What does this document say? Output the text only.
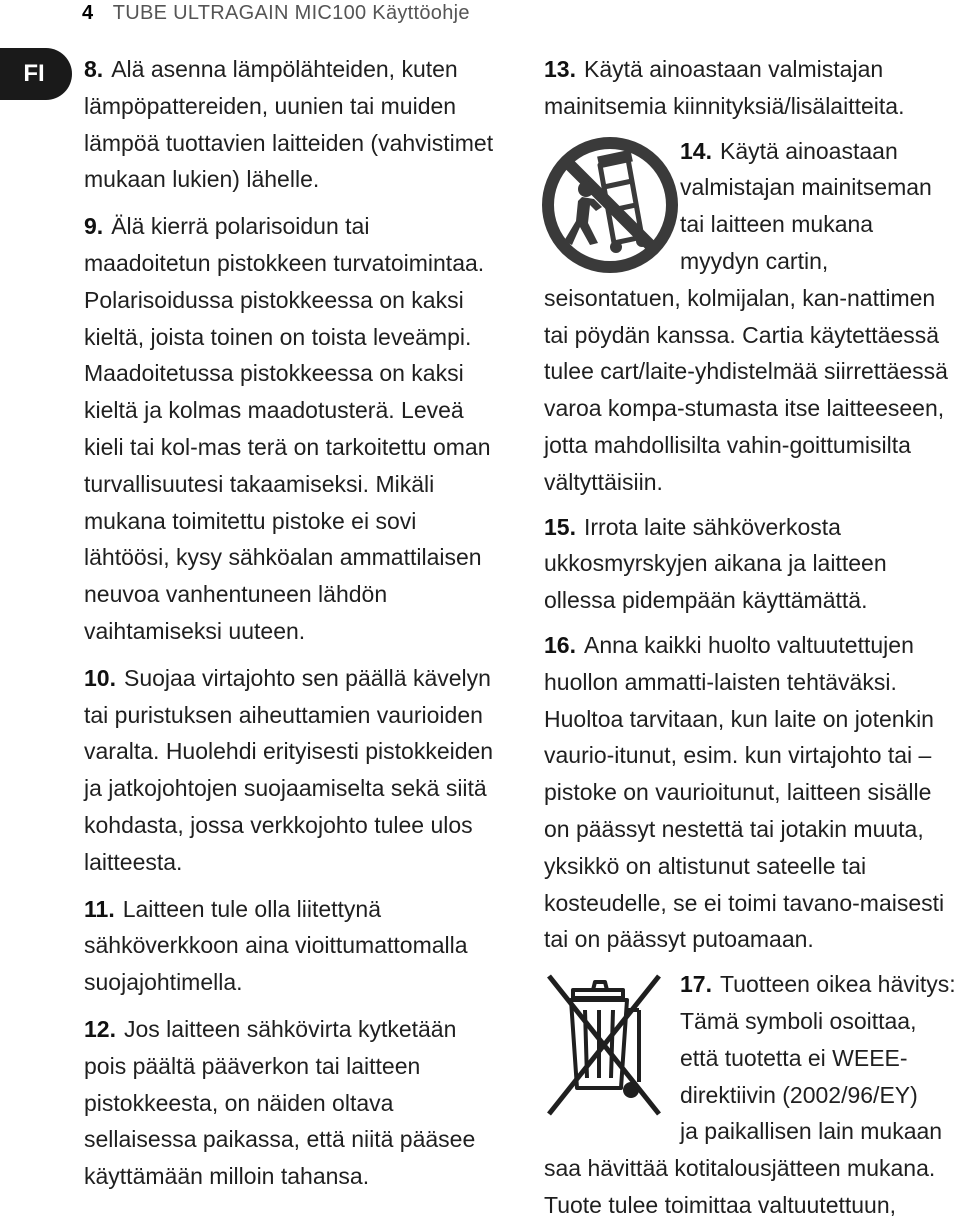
4 TUBE ULTRAGAIN MIC100 Käyttöohje
FI	8. Alä asenna lämpölähteiden, kuten lämpöpattereiden, uunien tai muiden lämpöä tuottavien laitteiden (vahvistimet mukaan lukien) lähelle.

9. Älä kierrä polarisoidun tai maadoitetun pistokkeen turvatoimintaa. Polarisoidussa pistokkeessa on kaksi kieltä, joista toinen on toista leveämpi. Maadoitetussa pistokkeessa on kaksi kieltä ja kolmas maadotusterä. Leveä kieli tai kol-mas terä on tarkoitettu oman turvallisuutesi takaamiseksi. Mikäli mukana toimitettu pistoke ei sovi lähtöösi, kysy sähköalan ammattilaisen neuvoa vanhentuneen lähdön vaihtamiseksi uuteen.

10. Suojaa virtajohto sen päällä kävelyn tai puristuksen aiheuttamien vaurioiden varalta. Huolehdi erityisesti pistokkeiden ja jatkojohtojen suojaamiselta sekä siitä kohdasta, jossa verkkojohto tulee ulos laitteesta.

11. Laitteen tule olla liitettynä sähköverkkoon aina vioittumattomalla suojajohtimella.

12. Jos laitteen sähkövirta kytketään pois päältä pääverkon tai laitteen pistokkeesta, on näiden oltava sellaisessa paikassa, että niitä pääsee käyttämään milloin tahansa.

13. Käytä ainoastaan valmistajan mainitsemia kiinnityksiä/lisälaitteita.

14. Käytä ainoastaan
valmistajan mainitseman
tai laitteen mukana
myydyn cartin,
seisontatuen, kolmijalan, kan-nattimen tai pöydän kanssa. Cartia käytettäessä tulee cart/laite-yhdistelmää siirrettäessä varoa kompa-stumasta itse laitteeseen, jotta mahdollisilta vahin-goittumisilta vältyttäisiin.

15. Irrota laite sähköverkosta ukkosmyrskyjen aikana ja laitteen ollessa pidempään käyttämättä.

16. Anna kaikki huolto valtuutettujen huollon ammatti-laisten tehtäväksi. Huoltoa tarvitaan, kun laite on jotenkin vaurio-itunut, esim. kun virtajohto tai –pistoke on vaurioitunut, laitteen sisälle on päässyt nestettä tai jotakin muuta, yksikkö on altistunut sateelle tai kosteudelle, se ei toimi tavano-maisesti tai on päässyt putoamaan.

17. Tuotteen oikea hävitys:
Tämä symboli osoittaa,
että tuotetta ei WEEE-
direktiivin (2002/96/EY)
ja paikallisen lain mukaan
saa hävittää kotitalousjätteen mukana.
Tuote tulee toimittaa valtuutettuun,
